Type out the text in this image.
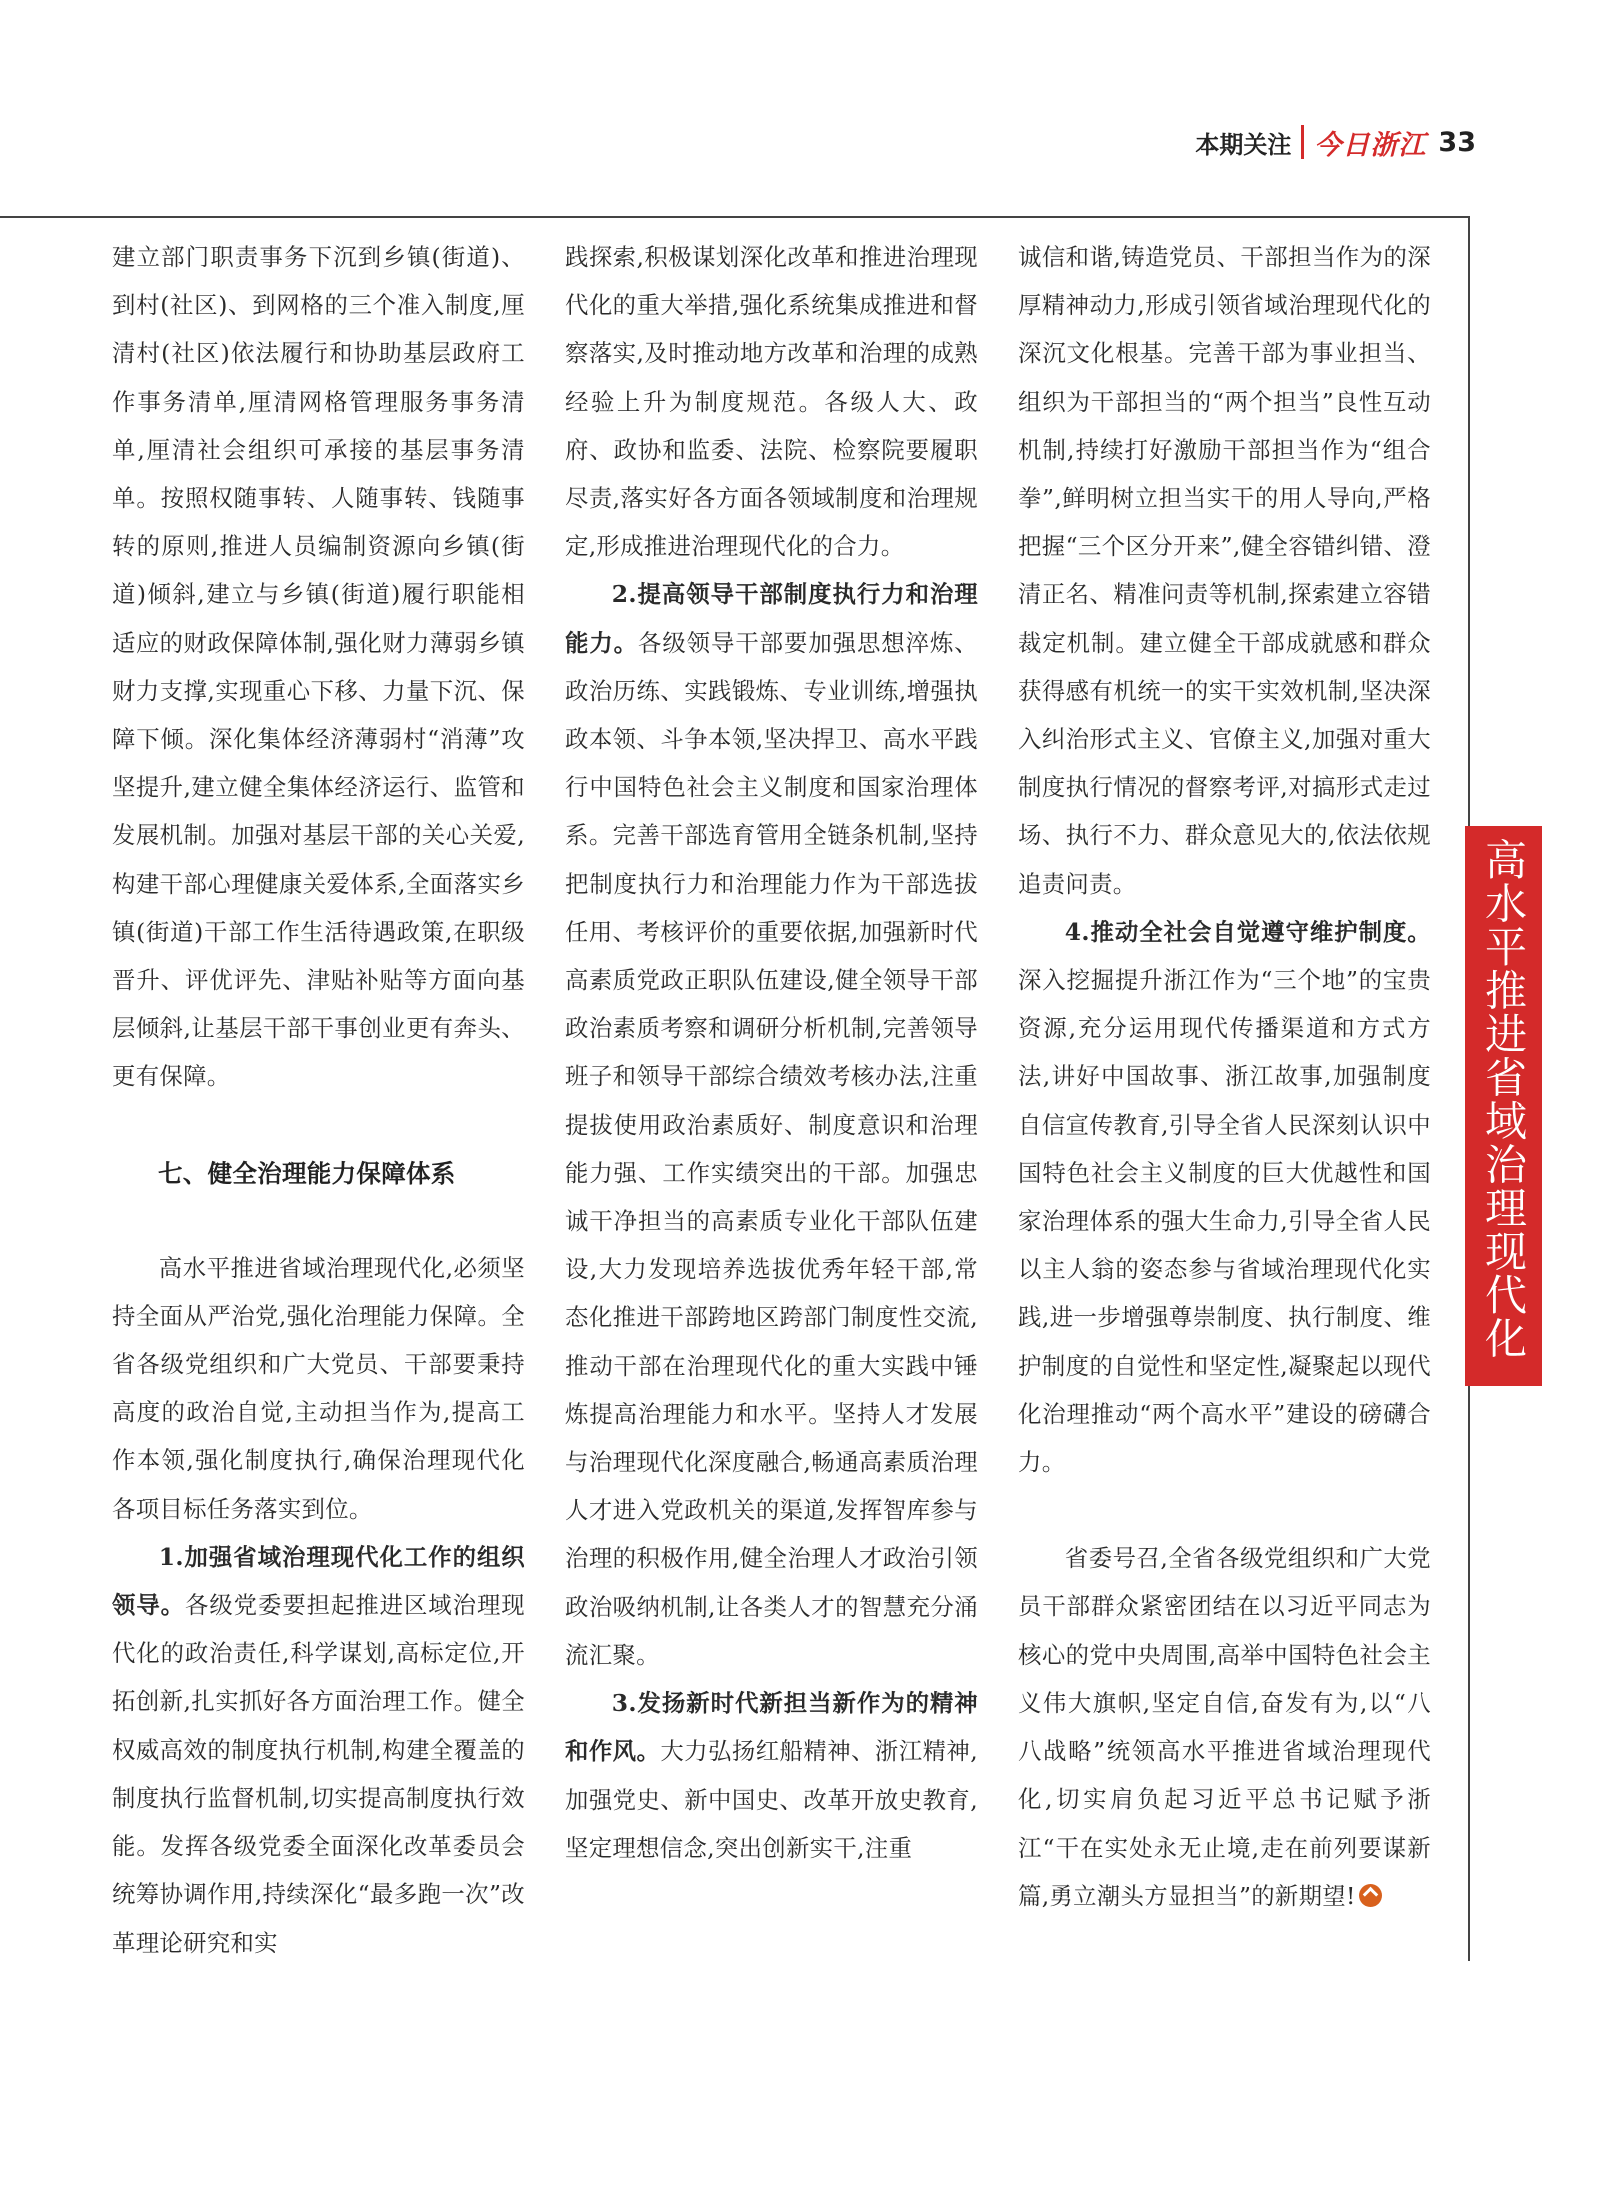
本期关注 今日浙江 33

建立部门职责事务下沉到乡镇(街道)、到村(社区)、到网格的三个准入制度,厘清村(社区)依法履行和协助基层政府工作事务清单,厘清网格管理服务事务清单,厘清社会组织可承接的基层事务清单。按照权随事转、人随事转、钱随事转的原则,推进人员编制资源向乡镇(街道)倾斜,建立与乡镇(街道)履行职能相适应的财政保障体制,强化财力薄弱乡镇财力支撑,实现重心下移、力量下沉、保障下倾。深化集体经济薄弱村“消薄”攻坚提升,建立健全集体经济运行、监管和发展机制。加强对基层干部的关心关爱,构建干部心理健康关爱体系,全面落实乡镇(街道)干部工作生活待遇政策,在职级晋升、评优评先、津贴补贴等方面向基层倾斜,让基层干部干事创业更有奔头、更有保障。

七、健全治理能力保障体系

高水平推进省域治理现代化,必须坚持全面从严治党,强化治理能力保障。全省各级党组织和广大党员、干部要秉持高度的政治自觉,主动担当作为,提高工作本领,强化制度执行,确保治理现代化各项目标任务落实到位。

1.加强省域治理现代化工作的组织领导。各级党委要担起推进区域治理现代化的政治责任,科学谋划,高标定位,开拓创新,扎实抓好各方面治理工作。健全权威高效的制度执行机制,构建全覆盖的制度执行监督机制,切实提高制度执行效能。发挥各级党委全面深化改革委员会统筹协调作用,持续深化“最多跑一次”改革理论研究和实

践探索,积极谋划深化改革和推进治理现代化的重大举措,强化系统集成推进和督察落实,及时推动地方改革和治理的成熟经验上升为制度规范。各级人大、政府、政协和监委、法院、检察院要履职尽责,落实好各方面各领域制度和治理规定,形成推进治理现代化的合力。

2.提高领导干部制度执行力和治理能力。各级领导干部要加强思想淬炼、政治历练、实践锻炼、专业训练,增强执政本领、斗争本领,坚决捍卫、高水平践行中国特色社会主义制度和国家治理体系。完善干部选育管用全链条机制,坚持把制度执行力和治理能力作为干部选拔任用、考核评价的重要依据,加强新时代高素质党政正职队伍建设,健全领导干部政治素质考察和调研分析机制,完善领导班子和领导干部综合绩效考核办法,注重提拔使用政治素质好、制度意识和治理能力强、工作实绩突出的干部。加强忠诚干净担当的高素质专业化干部队伍建设,大力发现培养选拔优秀年轻干部,常态化推进干部跨地区跨部门制度性交流,推动干部在治理现代化的重大实践中锤炼提高治理能力和水平。坚持人才发展与治理现代化深度融合,畅通高素质治理人才进入党政机关的渠道,发挥智库参与治理的积极作用,健全治理人才政治引领政治吸纳机制,让各类人才的智慧充分涌流汇聚。

3.发扬新时代新担当新作为的精神和作风。大力弘扬红船精神、浙江精神,加强党史、新中国史、改革开放史教育,坚定理想信念,突出创新实干,注重

诚信和谐,铸造党员、干部担当作为的深厚精神动力,形成引领省域治理现代化的深沉文化根基。完善干部为事业担当、组织为干部担当的“两个担当”良性互动机制,持续打好激励干部担当作为“组合拳”,鲜明树立担当实干的用人导向,严格把握“三个区分开来”,健全容错纠错、澄清正名、精准问责等机制,探索建立容错裁定机制。建立健全干部成就感和群众获得感有机统一的实干实效机制,坚决深入纠治形式主义、官僚主义,加强对重大制度执行情况的督察考评,对搞形式走过场、执行不力、群众意见大的,依法依规追责问责。

4.推动全社会自觉遵守维护制度。深入挖掘提升浙江作为“三个地”的宝贵资源,充分运用现代传播渠道和方式方法,讲好中国故事、浙江故事,加强制度自信宣传教育,引导全省人民深刻认识中国特色社会主义制度的巨大优越性和国家治理体系的强大生命力,引导全省人民以主人翁的姿态参与省域治理现代化实践,进一步增强尊崇制度、执行制度、维护制度的自觉性和坚定性,凝聚起以现代化治理推动“两个高水平”建设的磅礴合力。

省委号召,全省各级党组织和广大党员干部群众紧密团结在以习近平同志为核心的党中央周围,高举中国特色社会主义伟大旗帜,坚定自信,奋发有为,以“八八战略”统领高水平推进省域治理现代化,切实肩负起习近平总书记赋予浙江“干在实处永无止境,走在前列要谋新篇,勇立潮头方显担当”的新期望!

高水平推进省域治理现代化
